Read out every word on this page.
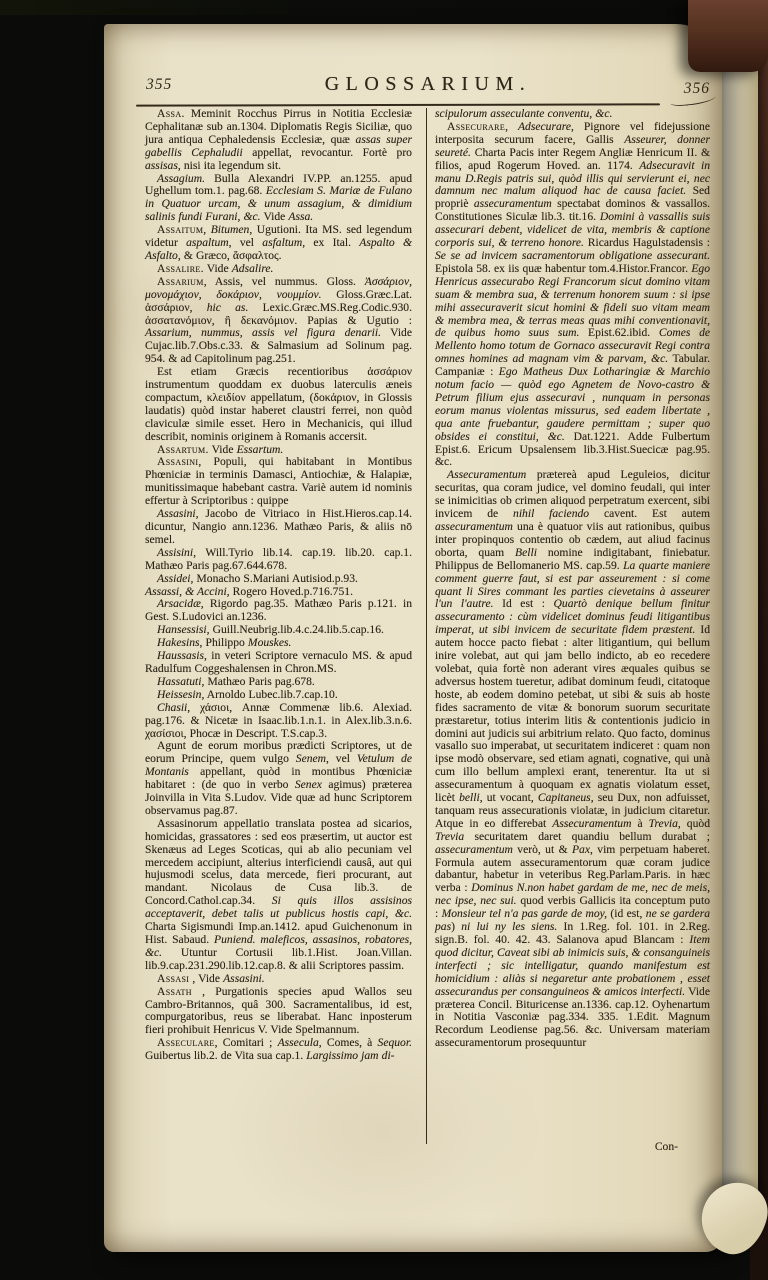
355	GLOSSARIUM.	356

Assa. Meminit Rocchus Pirrus in Notitia Ecclesiæ Cephalitanæ sub an.1304. Diplomatis Regis Siciliæ, quo jura antiqua Cephaledensis Ecclesiæ, quæ assas super gabellis Cephaludii appellat, revocantur. Fortè pro assisas, nisi ita legendum sit.

Assagium. Bulla Alexandri IV.PP. an.1255. apud Ughellum tom.1. pag.68. Ecclesiam S. Mariæ de Fulano in Quatuor urcam, & unum assagium, & dimidium salinis fundi Furani, &c. Vide Assa.

Assaitum, Bitumen, Ugutioni. Ita MS. sed legendum videtur aspaltum, vel asfaltum, ex Ital. Aspalto & Asfalto, & Græco, ἄσφαλτος.

Assalire. Vide Adsalire.

Assarium, Assis, vel nummus. Gloss. Ἀσσάριον, μονομάχιον, δοκάριον, νουμμίον. Gloss.Græc.Lat. ἀσσάριον, hic as. Lexic.Græc.MS.Reg.Codic.930. ἀσσατανόμιον, ἢ δεκανόμιον. Papias & Ugutio : Assarium, nummus, assis vel figura denarii. Vide Cujac.lib.7.Obs.c.33. & Salmasium ad Solinum pag. 954. & ad Capitolinum pag.251.

Est etiam Græcis recentioribus ἀσσάριον instrumentum quoddam ex duobus laterculis æneis compactum, κλειδίον appellatum, (δοκάριον, in Glossis laudatis) quòd instar haberet claustri ferrei, non quòd claviculæ simile esset. Hero in Mechanicis, qui illud describit, nominis originem à Romanis accersit.

Assartum. Vide Essartum.

Assasini, Populi, qui habitabant in Montibus Phœniciæ in terminis Damasci, Antiochiæ, & Halapiæ, munitissimaque habebant castra. Variè autem id nominis effertur à Scriptoribus : quippe

Assasini, Jacobo de Vitriaco in Hist.Hieros.cap.14. dicuntur, Nangio ann.1236. Mathæo Paris, & aliis nō semel.

Assisini, Will.Tyrio lib.14. cap.19. lib.20. cap.1. Mathæo Paris pag.67.644.678.

Assidei, Monacho S.Mariani Autisiod.p.93.

Assassi, & Accini, Rogero Hoved.p.716.751.

Arsacidæ, Rigordo pag.35. Mathæo Paris p.121. in Gest. S.Ludovici an.1236.

Hansessisi, Guill.Neubrig.lib.4.c.24.lib.5.cap.16.

Hakesins, Philippo Mouskes.

Haussasis, in veteri Scriptore vernaculo MS. & apud Radulfum Coggeshalensen in Chron.MS.

Hassatuti, Mathæo Paris pag.678.

Heissesin, Arnoldo Lubec.lib.7.cap.10.

Chasii, χάσιοι, Annæ Commenæ lib.6. Alexiad. pag.176. & Nicetæ in Isaac.lib.1.n.1. in Alex.lib.3.n.6. χασίσιοι, Phocæ in Descript. T.S.cap.3.

Agunt de eorum moribus prædicti Scriptores, ut de eorum Principe, quem vulgo Senem, vel Vetulum de Montanis appellant, quòd in montibus Phœniciæ habitaret : (de quo in verbo Senex agimus) præterea Joinvilla in Vita S.Ludov. Vide quæ ad hunc Scriptorem observamus pag.87.

Assasinorum appellatio translata postea ad sicarios, homicidas, grassatores : sed eos præsertim, ut auctor est Skenæus ad Leges Scoticas, qui ab alio pecuniam vel mercedem accipiunt, alterius interficiendi causâ, aut qui hujusmodi scelus, data mercede, fieri procurant, aut mandant. Nicolaus de Cusa lib.3. de Concord.Cathol.cap.34. Si quis illos assisinos acceptaverit, debet talis ut publicus hostis capi, &c. Charta Sigismundi Imp.an.1412. apud Guichenonum in Hist. Sabaud. Puniend. maleficos, assasinos, robatores, &c. Utuntur Cortusii lib.1.Hist. Joan.Villan. lib.9.cap.231.290.lib.12.cap.8. & alii Scriptores passim.

Assasi , Vide Assasini.

Assath , Purgationis species apud Wallos seu Cambro-Britannos, quâ 300. Sacramentalibus, id est, compurgatoribus, reus se liberabat. Hanc inposterum fieri prohibuit Henricus V. Vide Spelmannum.

Asseculare, Comitari ; Assecula, Comes, à Sequor. Guibertus lib.2. de Vita sua cap.1. Largissimo jam di-

scipulorum asseculante conventu, &c.

Assecurare, Adsecurare, Pignore vel fidejussione interposita securum facere, Gallis Asseurer, donner seureté. Charta Pacis inter Regem Angliæ Henricum II. & filios, apud Rogerum Hoved. an. 1174. Adsecuravit in manu D.Regis patris sui, quòd illis qui servierunt ei, nec damnum nec malum aliquod hac de causa faciet. Sed propriè assecuramentum spectabat dominos & vassallos. Constitutiones Siculæ lib.3. tit.16. Domini à vassallis suis assecurari debent, videlicet de vita, membris & captione corporis sui, & terreno honore. Ricardus Hagulstadensis : Se se ad invicem sacramentorum obligatione assecurant. Epistola 58. ex iis quæ habentur tom.4.Histor.Francor. Ego Henricus assecurabo Regi Francorum sicut domino vitam suam & membra sua, & terrenum honorem suum : si ipse mihi assecuraverit sicut homini & fideli suo vitam meam & membra mea, & terras meas quas mihi conventionavit, de quibus homo suus sum. Epist.62.ibid. Comes de Mellento homo totum de Gornaco assecuravit Regi contra omnes homines ad magnam vim & parvam, &c. Tabular. Campaniæ : Ego Matheus Dux Lotharingiæ & Marchio notum facio — quòd ego Agnetem de Novo-castro & Petrum filium ejus assecuravi , nunquam in personas eorum manus violentas missurus, sed eadem libertate , qua ante fruebantur, gaudere permittam ; super quo obsides ei constitui, &c. Dat.1221. Adde Fulbertum Epist.6. Ericum Upsalensem lib.3.Hist.Suecicæ pag.95. &c.

Assecuramentum prætereà apud Leguleios, dicitur securitas, qua coram judice, vel domino feudali, qui inter se inimicitias ob crimen aliquod perpetratum exercent, sibi invicem de nihil faciendo cavent. Est autem assecuramentum una è quatuor viis aut rationibus, quibus inter propinquos contentio ob cædem, aut aliud facinus oborta, quam Belli nomine indigitabant, finiebatur. Philippus de Bellomanerio MS. cap.59. La quarte maniere comment guerre faut, si est par asseurement : si come quant li Sires commant les parties cievetains à asseurer l'un l'autre. Id est : Quartò denique bellum finitur assecuramento : cùm videlicet dominus feudi litigantibus imperat, ut sibi invicem de securitate fidem præstent. Id autem hocce pacto fiebat : alter litigantium, qui bellum inire volebat, aut qui jam bello indicto, ab eo recedere volebat, quia fortè non aderant vires æquales quibus se adversus hostem tueretur, adibat dominum feudi, citatoque hoste, ab eodem domino petebat, ut sibi & suis ab hoste fides sacramento de vitæ & bonorum suorum securitate præstaretur, totius interim litis & contentionis judicio in domini aut judicis sui arbitrium relato. Quo facto, dominus vasallo suo imperabat, ut securitatem indiceret : quam non ipse modò observare, sed etiam agnati, cognative, qui unà cum illo bellum amplexi erant, tenerentur. Ita ut si assecuramentum à quoquam ex agnatis violatum esset, licèt belli, ut vocant, Capitaneus, seu Dux, non adfuisset, tanquam reus assecurationis violatæ, in judicium citaretur. Atque in eo differebat Assecuramentum à Trevia, quòd Trevia securitatem daret quandiu bellum durabat ; assecuramentum verò, ut & Pax, vim perpetuam haberet. Formula autem assecuramentorum quæ coram judice dabantur, habetur in veteribus Reg.Parlam.Paris. in hæc verba : Dominus N.non habet gardam de me, nec de meis, nec ipse, nec sui. quod verbis Gallicis ita conceptum puto : Monsieur tel n'a pas garde de moy, (id est, ne se gardera pas) ni lui ny les siens. In 1.Reg. fol. 101. in 2.Reg. sign.B. fol. 40. 42. 43. Salanova apud Blancam : Item quod dicitur, Caveat sibi ab inimicis suis, & consanguineis interfecti ; sic intelligatur, quando manifestum est homicidium : aliàs si negaretur ante probationem , esset assecurandus per consanguineos & amicos interfecti. Vide præterea Concil. Bituricense an.1336. cap.12. Oyhenartum in Notitia Vasconiæ pag.334. 335. 1.Edit. Magnum Recordum Leodiense pag.56. &c. Universam materiam assecuramentorum prosequuntur

Con-
